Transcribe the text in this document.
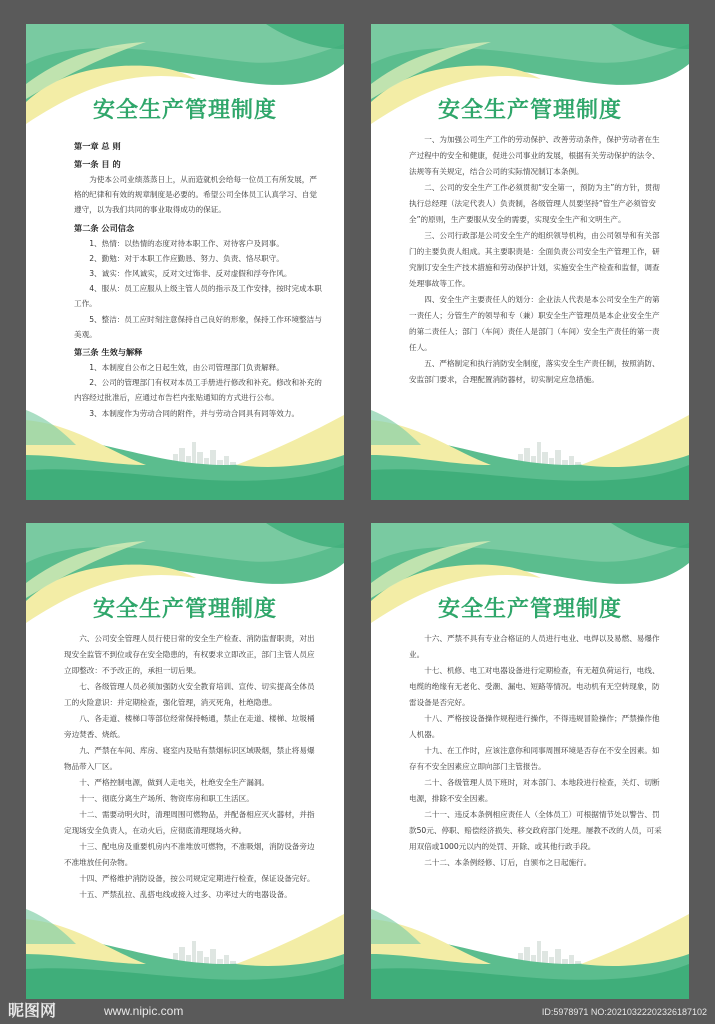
安全生产管理制度

第一章 总 则

第一条 目 的

为使本公司业绩蒸蒸日上，从而造就机会给每一位员工有所发展，严格的纪律和有效的规章制度是必要的。希望公司全体员工认真学习、自觉遵守，以为我们共同的事业取得成功的保证。

第二条 公司信念

1、热情：以热情的态度对待本职工作、对待客户及同事。

2、勤勉：对于本职工作应勤恳、努力、负责、恪尽职守。

3、诚实：作风诚实，反对文过饰非、反对虚假和浮夸作风。

4、服从：员工应服从上级主管人员的指示及工作安排，按时完成本职工作。

5、整洁：员工应时刻注意保持自己良好的形象，保持工作环境整洁与美观。

第三条 生效与解释

1、本制度自公布之日起生效，由公司管理部门负责解释。

2、公司的管理部门有权对本员工手册进行修改和补充。修改和补充的内容经过批准后，应通过布告栏内张贴通知的方式进行公布。

3、本制度作为劳动合同的附件，并与劳动合同具有同等效力。

安全生产管理制度

一、为加强公司生产工作的劳动保护、改善劳动条件，保护劳动者在生产过程中的安全和健康，促进公司事业的发展，根据有关劳动保护的法令、法规等有关规定，结合公司的实际情况制订本条例。

二、公司的安全生产工作必须贯彻“安全第一，预防为主”的方针，贯彻执行总经理（法定代表人）负责制，各级管理人员要坚持“管生产必须管安全”的原则，生产要服从安全的需要，实现安全生产和文明生产。

三、公司行政部是公司安全生产的组织领导机构，由公司领导和有关部门的主要负责人组成。其主要职责是：全面负责公司安全生产管理工作，研究制订安全生产技术措施和劳动保护计划，实施安全生产检查和监督，调查处理事故等工作。

四、安全生产主要责任人的划分：企业法人代表是本公司安全生产的第一责任人；分管生产的领导和专（兼）职安全生产管理员是本企业安全生产的第二责任人；部门（车间）责任人是部门（车间）安全生产责任的第一责任人。

五、严格制定和执行消防安全制度，落实安全生产责任制，按照消防、安监部门要求，合理配置消防器材，切实制定应急措施。

安全生产管理制度

六、公司安全管理人员行使日常的安全生产检查、消防监督职责，对出现安全监管不到位或存在安全隐患的，有权要求立即改正，部门主管人员应立即整改：不予改正的，承担一切后果。

七、各级管理人员必须加强防火安全教育培训、宣传、切实提高全体员工的火险意识：并定期检查，强化管理，消灭死角，杜绝隐患。

八、各走道、楼梯口等部位经常保持畅通，禁止在走道、楼梯、垃圾桶旁边焚香、烧纸。

九、严禁在车间、库房、寝室内及贴有禁烟标识区域吸烟，禁止将易爆物品带入厂区。

十、严格控制电源，做到人走电关，杜绝安全生产漏洞。

十一、彻底分离生产场所、物资库房和职工生活区。

十二、需要动明火时，清理周围可燃物品，并配备相应灭火器材，并指定现场安全负责人，在动火后，应彻底清理现场火种。

十三、配电房及重要机房内不准堆放可燃物，不准吸烟，消防设备旁边不准堆放任何杂物。

十四、严格维护消防设备，按公司规定定期进行检查，保证设备完好。

十五、严禁乱拉、乱搭电线或接入过多、功率过大的电器设备。

安全生产管理制度

十六、严禁不具有专业合格证的人员进行电业、电焊以及易燃、易爆作业。

十七、机修、电工对电器设备进行定期检查，有无超负荷运行，电线、电缆的绝缘有无老化、受潮、漏电、短路等情况。电动机有无空转现象，防雷设备是否完好。

十八、严格按设备操作规程进行操作，不得违规冒险操作；严禁操作他人机器。

十九、在工作时，应该注意你和同事周围环境是否存在不安全因素。如存有不安全因素应立即向部门主管报告。

二十、各级管理人员下班时，对本部门、本地段进行检查，关灯、切断电源，排除不安全因素。

二十一、违反本条例相应责任人（全体员工）可根据情节处以警告、罚款50元、停职、赔偿经济损失、移交政府部门处理。屡教不改的人员，可采用双倍或1000元以内的处罚、开除、或其他行政手段。

二十二、本条例经修、订后，自颁布之日起施行。

昵图网	www.nipic.com	ID:5978971 NO:20210322202326187102
